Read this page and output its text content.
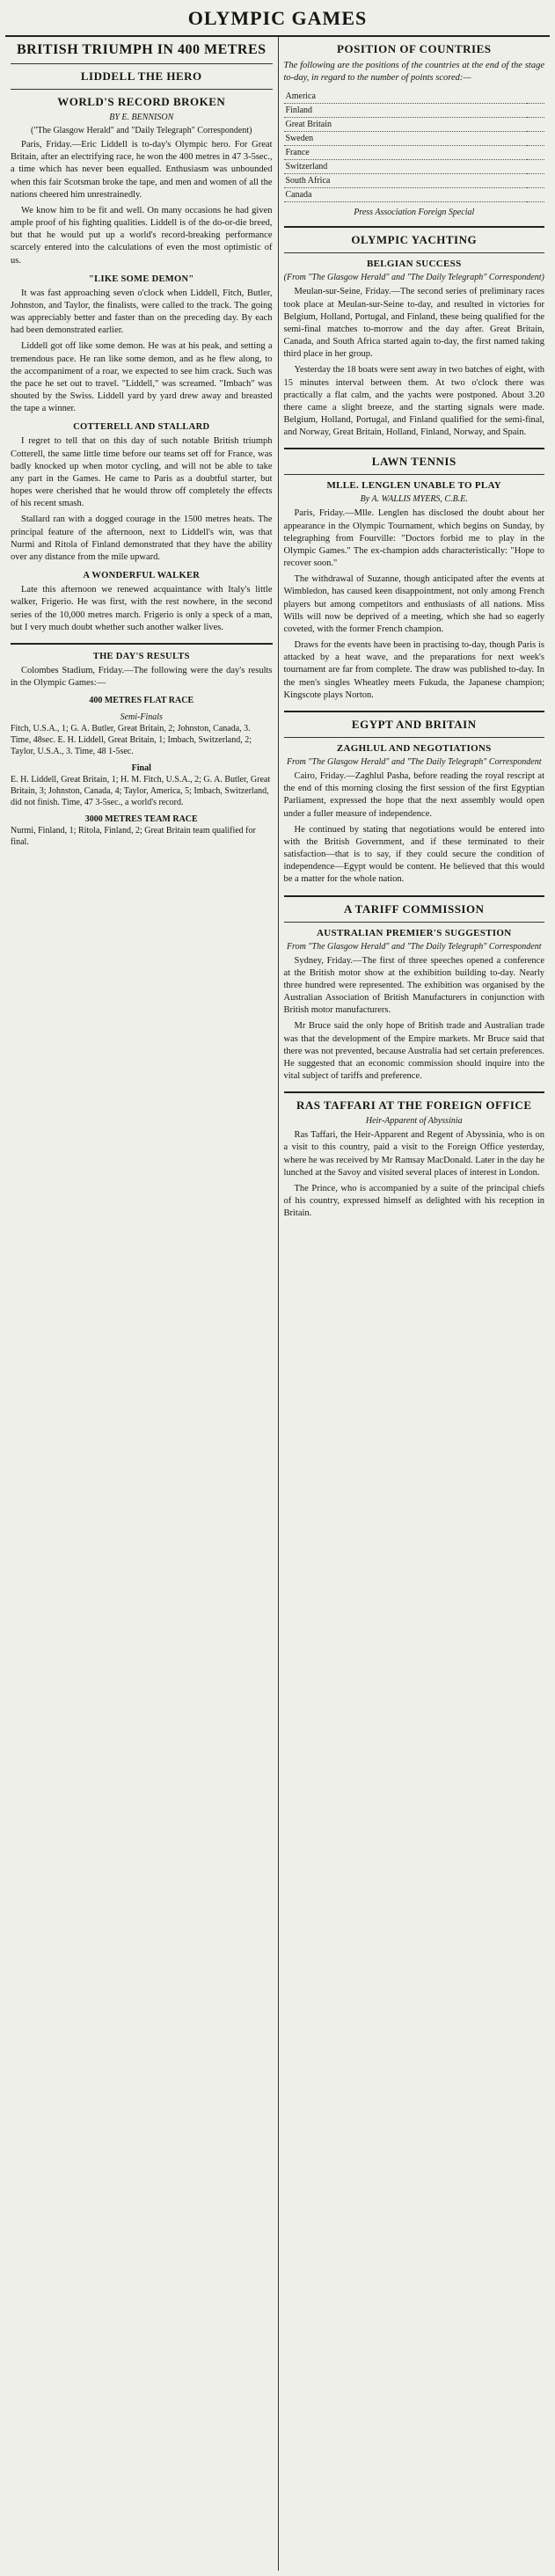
OLYMPIC GAMES
BRITISH TRIUMPH IN 400 METRES
LIDDELL THE HERO
WORLD'S RECORD BROKEN
BY E. BENNISON
("The Glasgow Herald" and "Daily Telegraph" Correspondent)

Paris, Friday.—Eric Liddell is to-day's Olympic hero. For Great Britain, after an electrifying race, he won the 400 metres in 47 3-5sec., a time which has never been equalled. Enthusiasm was unbounded when this fair Scotsman broke the tape, and men and women of all the nations cheered him unrestrainedly.

We know him to be fit and well. On many occasions he had given ample proof of his fighting qualities. Liddell is of the do-or-die breed, but that he would put up a world's record-breaking performance scarcely entered into the calculations of even the most optimistic of us.

"LIKE SOME DEMON"

It was fast approaching seven o'clock when Liddell, Fitch, Butler, Johnston, and Taylor, the finalists, were called to the track. The going was appreciably better and faster than on the preceding day. By each had been demonstrated earlier.

Liddell got off like some demon. He was at his peak, and setting a tremendous pace. He ran like some demon, and as he flew along, to the accompaniment of a roar, we expected to see him crack. Such was the pace he set out to travel. "Liddell," was screamed. "Imbach" was shouted by the Swiss. Liddell yard by yard drew away and breasted the tape a winner.

COTTERELL AND STALLARD

I regret to tell that on this day of such notable British triumph Cotterell, the same little time before our teams set off for France, was badly knocked up when motor cycling, and will not be able to take any part in the Games. He came to Paris as a doubtful starter, but hopes were cherished that he would throw off completely the effects of his recent smash.

Stallard ran with a dogged courage in the 1500 metres heats. The principal feature of the afternoon, next to Liddell's win, was that Nurmi and Ritola of Finland demonstrated that they have the ability over any distance from the mile upward.

A WONDERFUL WALKER

Late this afternoon we renewed acquaintance with Italy's little walker, Frigerio. He was first, with the rest nowhere, in the second series of the 10,000 metres march. Frigerio is only a speck of a man, but I very much doubt whether such another walker lives.

THE DAY'S RESULTS

Colombes Stadium, Friday.—The following were the day's results in the Olympic Games:—

400 METRES FLAT RACE
Semi-Finals
Fitch, U.S.A., 1; G. A. Butler, Great Britain, 2; Johnston, Canada, 3. Time, 48sec. E. H. Liddell, Great Britain, 1; Imbach, Switzerland, 2; Taylor, U.S.A., 3. Time, 48 1-5sec.
Final
E. H. Liddell, Great Britain, 1; H. M. Fitch, U.S.A., 2; G. A. Butler, Great Britain, 3; Johnston, Canada, 4; Taylor, America, 5; Imbach, Switzerland, did not finish. Time, 47 3-5sec., a world's record.
3000 METRES TEAM RACE
Nurmi, Finland, 1; Ritola, Finland, 2; Great Britain team qualified for final.
POSITION OF COUNTRIES

The following are the positions of the countries at the end of the stage to-day, in regard to the number of points scored:—

America	
Finland	
Great Britain	
Sweden	
France	
Switzerland	
South Africa	
Canada	
Press Association Foreign Special
OLYMPIC YACHTING
BELGIAN SUCCESS
(From "The Glasgow Herald" and "The Daily Telegraph" Correspondent)

Meulan-sur-Seine, Friday.—The second series of preliminary races took place at Meulan-sur-Seine to-day, and resulted in victories for Belgium, Holland, Portugal, and Finland, these being qualified for the semi-final matches to-morrow and the day after. Great Britain, Canada, and South Africa started again to-day, the first named taking third place in her group.

Yesterday the 18 boats were sent away in two batches of eight, with 15 minutes interval between them. At two o'clock there was practically a flat calm, and the yachts were postponed. About 3.20 there came a slight breeze, and the starting signals were made. Belgium, Holland, Portugal, and Finland qualified for the semi-final, and Norway, Great Britain, Holland, Finland, Norway, and Spain.

LAWN TENNIS
MLLE. LENGLEN UNABLE TO PLAY
By A. WALLIS MYERS, C.B.E.

Paris, Friday.—Mlle. Lenglen has disclosed the doubt about her appearance in the Olympic Tournament, which begins on Sunday, by telegraphing from Fourville: "Doctors forbid me to play in the Olympic Games." The ex-champion adds characteristically: "Hope to recover soon."

The withdrawal of Suzanne, though anticipated after the events at Wimbledon, has caused keen disappointment, not only among French players but among competitors and enthusiasts of all nations. Miss Wills will now be deprived of a meeting, which she had so eagerly coveted, with the former French champion.

Draws for the events have been in practising to-day, though Paris is attacked by a heat wave, and the preparations for next week's tournament are far from complete. The draw was published to-day. In the men's singles Wheatley meets Fukuda, the Japanese champion; Kingscote plays Norton.

EGYPT AND BRITAIN
ZAGHLUL AND NEGOTIATIONS
From "The Glasgow Herald" and "The Daily Telegraph" Correspondent

Cairo, Friday.—Zaghlul Pasha, before reading the royal rescript at the end of this morning closing the first session of the first Egyptian Parliament, expressed the hope that the next assembly would open under a fuller measure of independence.

He continued by stating that negotiations would be entered into with the British Government, and if these terminated to their satisfaction—that is to say, if they could secure the condition of independence—Egypt would be content. He believed that this would be a matter for the whole nation.

A TARIFF COMMISSION
AUSTRALIAN PREMIER'S SUGGESTION
From "The Glasgow Herald" and "The Daily Telegraph" Correspondent

Sydney, Friday.—The first of three speeches opened a conference at the British motor show at the exhibition building to-day. Nearly three hundred were represented. The exhibition was organised by the Australian Association of British Manufacturers in conjunction with British motor manufacturers.

Mr Bruce said the only hope of British trade and Australian trade was that the development of the Empire markets. Mr Bruce said that there was not prevented, because Australia had set certain preferences. He suggested that an economic commission should inquire into the vital subject of tariffs and preference.

RAS TAFFARI AT THE FOREIGN OFFICE
Heir-Apparent of Abyssinia

Ras Taffari, the Heir-Apparent and Regent of Abyssinia, who is on a visit to this country, paid a visit to the Foreign Office yesterday, where he was received by Mr Ramsay MacDonald. Later in the day he lunched at the Savoy and visited several places of interest in London.

The Prince, who is accompanied by a suite of the principal chiefs of his country, expressed himself as delighted with his reception in Britain.
